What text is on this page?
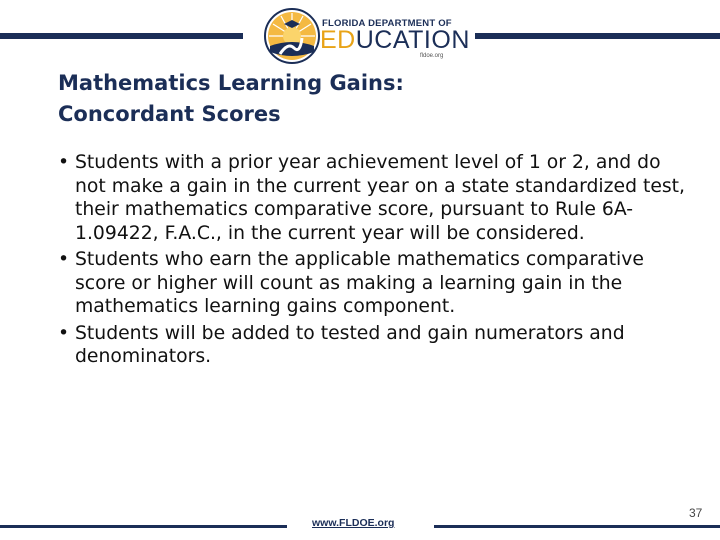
FLORIDA DEPARTMENT OF
EDUCATION
fldoe.org
Mathematics Learning Gains:
Concordant Scores
• Students with a prior year achievement level of 1 or 2, and do not make a gain in the current year on a state standardized test, their mathematics comparative score, pursuant to Rule 6A-1.09422, F.A.C., in the current year will be considered.
• Students who earn the applicable mathematics comparative score or higher will count as making a learning gain in the mathematics learning gains component.
• Students will be added to tested and gain numerators and denominators.
www.FLDOE.org
37
